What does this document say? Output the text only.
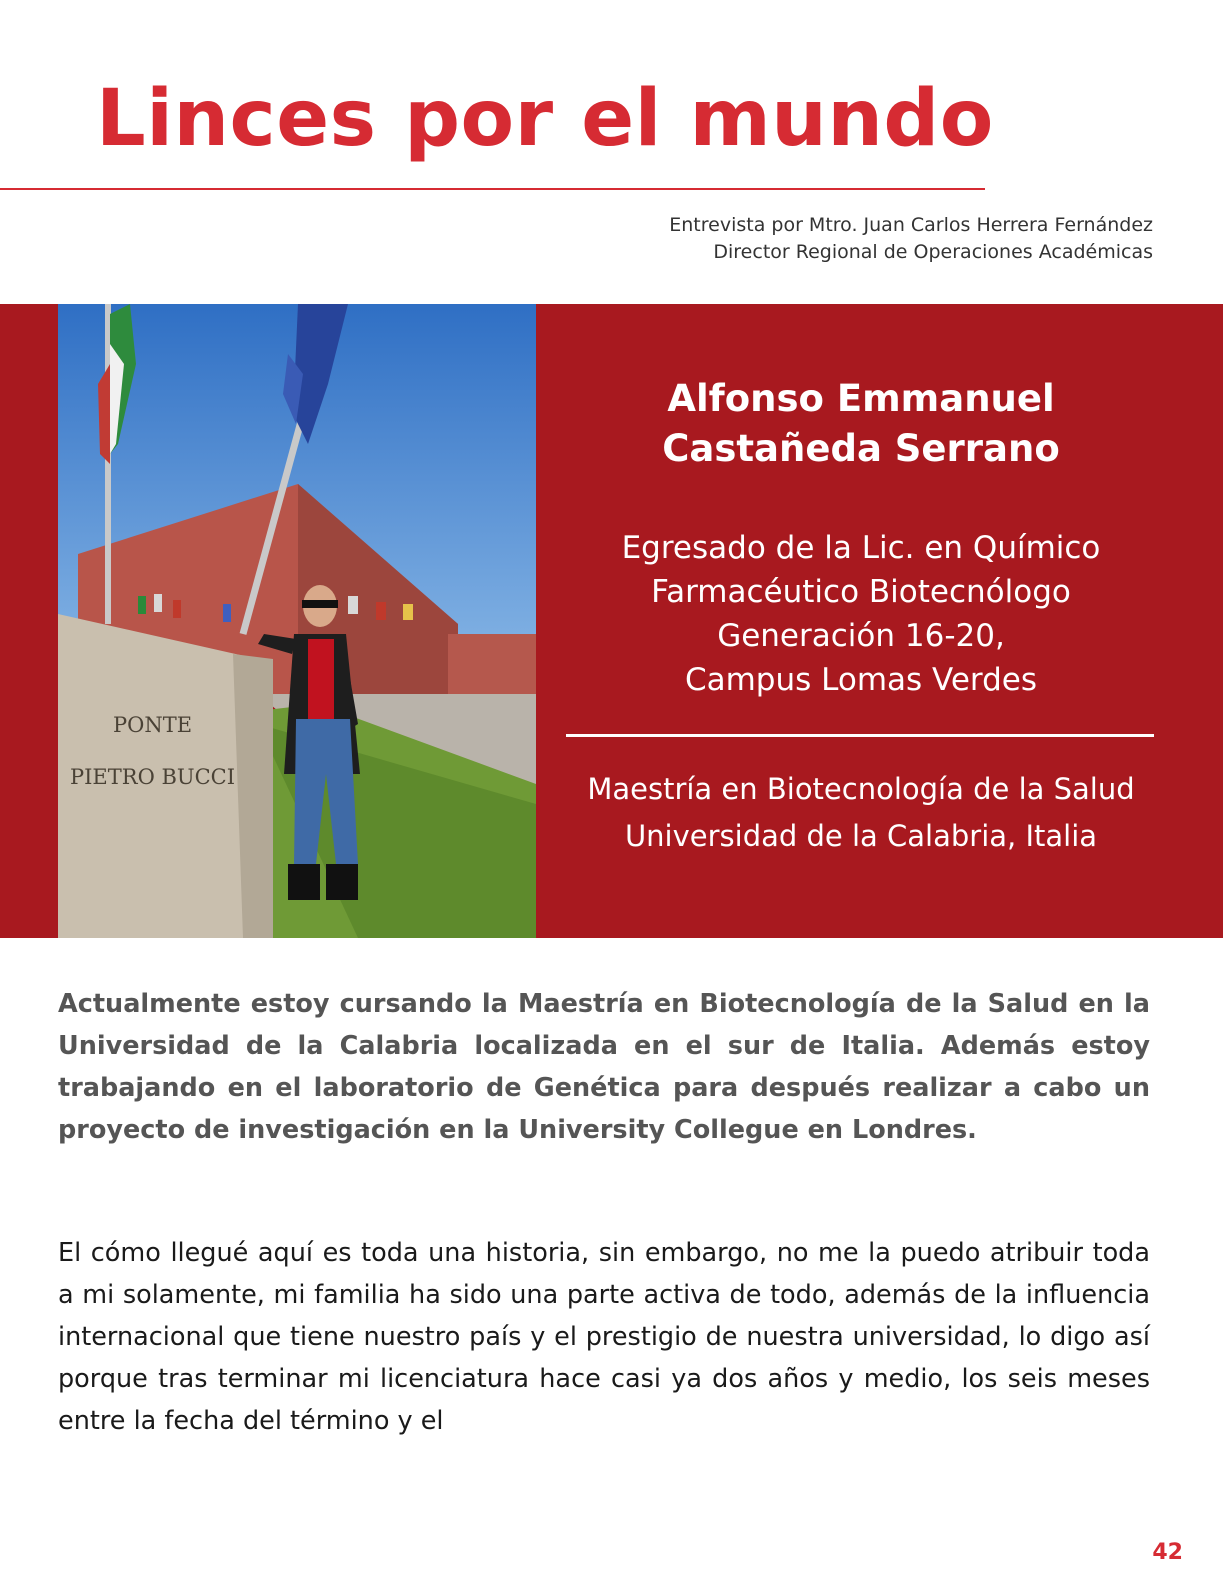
Linces por el mundo
Entrevista por Mtro. Juan Carlos Herrera Fernández
Director Regional de Operaciones Académicas
PONTE
PIETRO BUCCI
Alfonso Emmanuel
Castañeda Serrano
Egresado de la Lic. en Químico
Farmacéutico Biotecnólogo
Generación 16-20,
Campus Lomas Verdes
Maestría en Biotecnología de la Salud
Universidad de la Calabria, Italia

Actualmente estoy cursando la Maestría en Biotecnología de la Salud en la Universidad de la Calabria localizada en el sur de Italia. Además estoy trabajando en el laboratorio de Genética para después realizar a cabo un proyecto de investigación en la University Collegue en Londres.

El cómo llegué aquí es toda una historia, sin embargo, no me la puedo atribuir toda a mi solamente, mi familia ha sido una parte activa de todo, además de la influencia internacional que tiene nuestro país y el prestigio de nuestra universidad, lo digo así porque tras terminar mi licenciatura hace casi ya dos años y medio, los seis meses entre la fecha del término y el

42
